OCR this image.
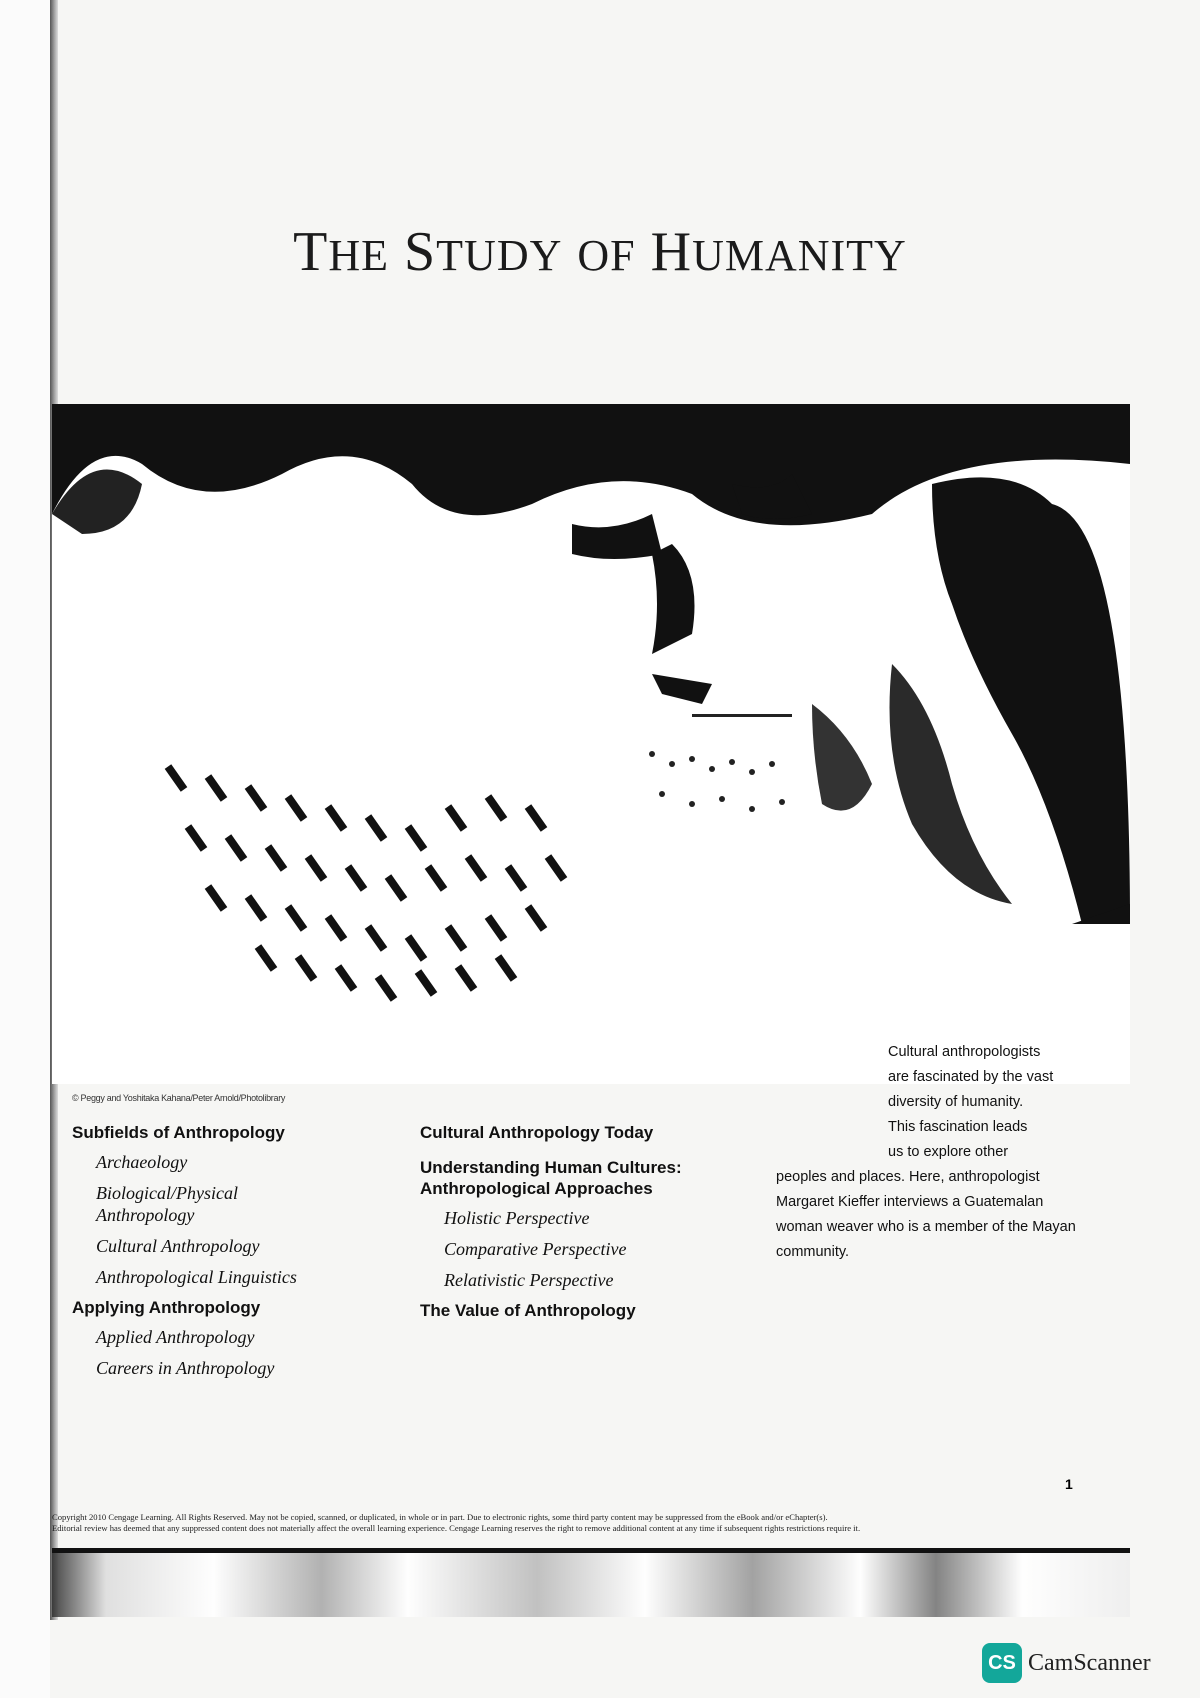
THE STUDY OF HUMANITY
© Peggy and Yoshitaka Kahana/Peter Arnold/Photolibrary
Cultural anthropologists
are fascinated by the vast
diversity of humanity.
This fascination leads
us to explore other
peoples and places. Here, anthropologist Margaret Kieffer interviews a Guatemalan woman weaver who is a member of the Mayan community.
Subfields of Anthropology
Archaeology
Biological/Physical Anthropology
Cultural Anthropology
Anthropological Linguistics
Applying Anthropology
Applied Anthropology
Careers in Anthropology
Cultural Anthropology Today
Understanding Human Cultures: Anthropological Approaches
Holistic Perspective
Comparative Perspective
Relativistic Perspective
The Value of Anthropology
1
Copyright 2010 Cengage Learning. All Rights Reserved. May not be copied, scanned, or duplicated, in whole or in part. Due to electronic rights, some third party content may be suppressed from the eBook and/or eChapter(s).
Editorial review has deemed that any suppressed content does not materially affect the overall learning experience. Cengage Learning reserves the right to remove additional content at any time if subsequent rights restrictions require it.
CS CamScanner
